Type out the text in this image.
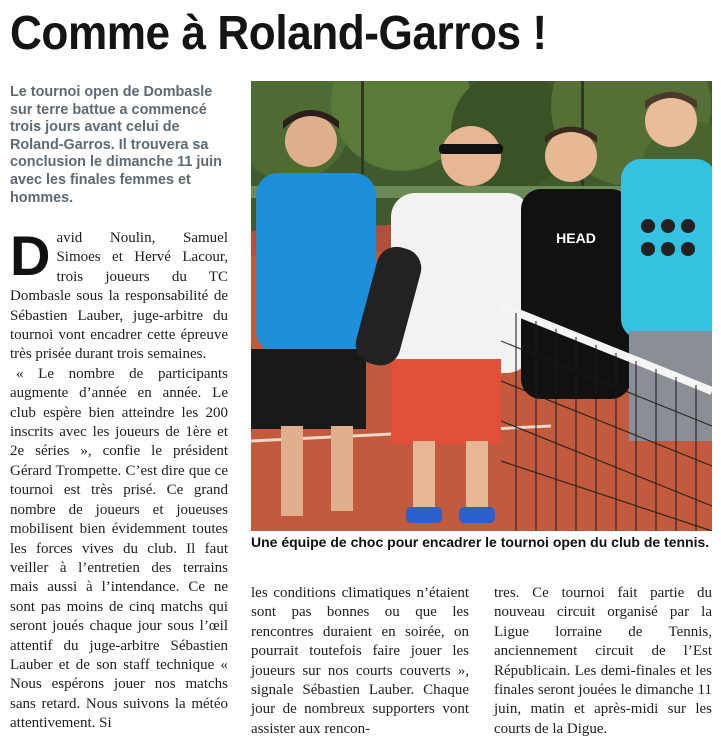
Comme à Roland-Garros !
Le tournoi open de Dombasle sur terre battue a commencé trois jours avant celui de Roland-Garros. Il trouvera sa conclusion le dimanche 11 juin avec les finales femmes et hommes.

David Noulin, Samuel Simoes et Hervé Lacour, trois joueurs du TC Dombasle sous la responsabilité de Sébastien Lauber, juge-arbitre du tournoi vont encadrer cette épreuve très prisée durant trois semaines.

« Le nombre de participants augmente d’année en année. Le club espère bien atteindre les 200 inscrits avec les joueurs de 1ère et 2e séries », confie le président Gérard Trompette. C’est dire que ce tournoi est très prisé. Ce grand nombre de joueurs et joueuses mobilisent bien évidemment toutes les forces vives du club. Il faut veiller à l’entretien des terrains mais aussi à l’intendance. Ce ne sont pas moins de cinq matchs qui seront joués chaque jour sous l’œil attentif du juge-arbitre Sébastien Lauber et de son staff technique « Nous espérons jouer nos matchs sans retard. Nous suivons la météo attentivement. Si

HEAD
Une équipe de choc pour encadrer le tournoi open du club de tennis.

les conditions climatiques n’étaient sont pas bonnes ou que les rencontres duraient en soirée, on pourrait toutefois faire jouer les joueurs sur nos courts couverts », signale Sébastien Lauber. Chaque jour de nombreux supporters vont assister aux rencon-

tres. Ce tournoi fait partie du nouveau circuit organisé par la Ligue lorraine de Tennis, anciennement circuit de l’Est Républicain. Les demi-finales et les finales seront jouées le dimanche 11 juin, matin et après-midi sur les courts de la Digue.
